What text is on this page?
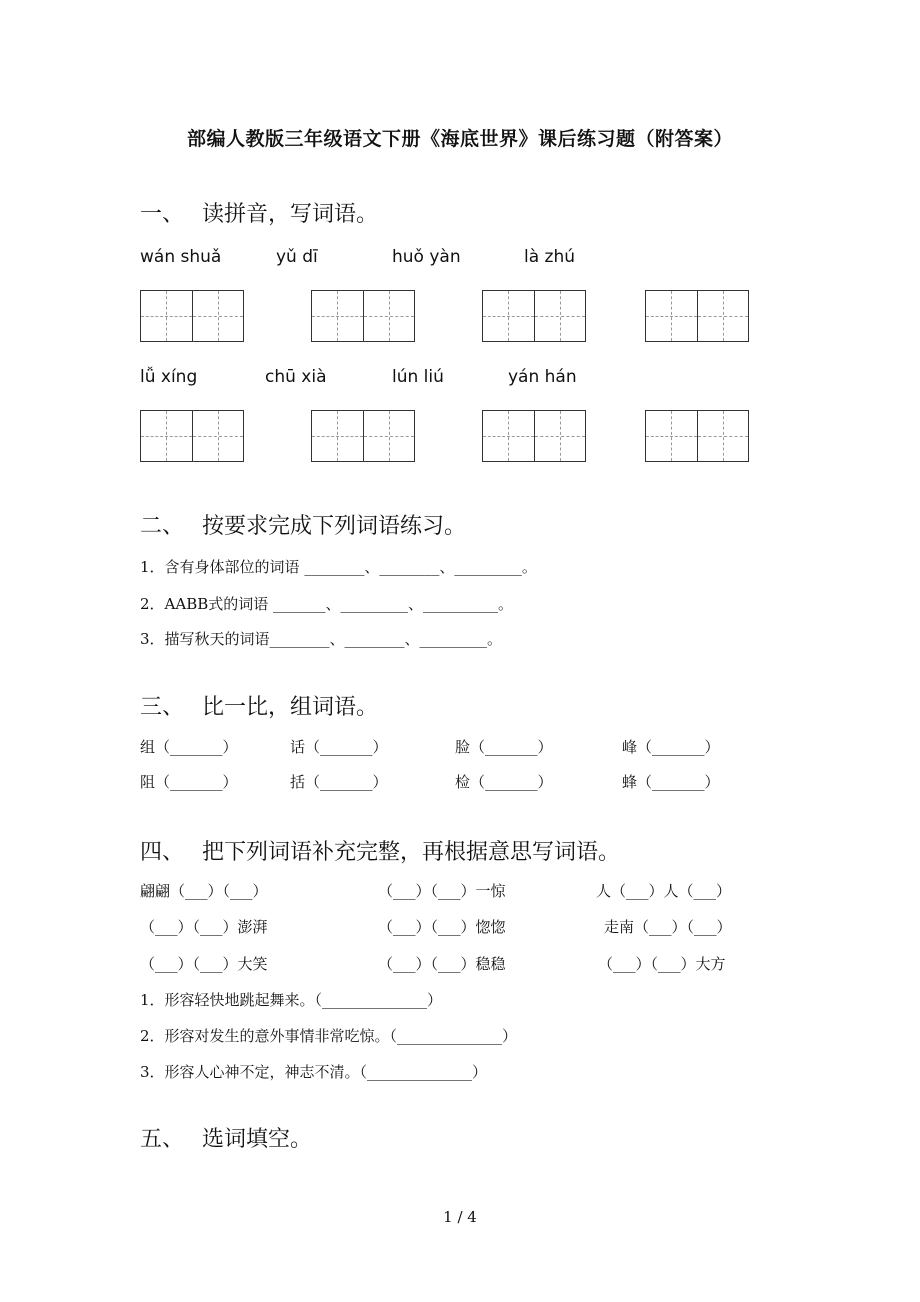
部编人教版三年级语文下册《海底世界》课后练习题（附答案）
一、 读拼音，写词语。
wán shuǎ	yǔ dī	huǒ yàn	là zhú
lǚ xíng	chū xià	lún liú	yán hán
二、 按要求完成下列词语练习。
1．含有身体部位的词语 ________、________、_________。
2．AABB式的词语 _______、_________、__________。
3．描写秋天的词语________、________、_________。
三、 比一比，组词语。
组（_______）	话（_______）	脸（_______）	峰（_______）
阻（_______）	括（_______）	检（_______）	蜂（_______）
四、 把下列词语补充完整，再根据意思写词语。
翩翩（___）（___）	（___）（___）一惊	人（___）人（___）
（___）（___）澎湃	（___）（___）惚惚	走南（___）（___）
（___）（___）大笑	（___）（___）稳稳	（___）（___）大方
1．形容轻快地跳起舞来。（______________）
2．形容对发生的意外事情非常吃惊。（______________）
3．形容人心神不定，神志不清。（______________）
五、 选词填空。
1 / 4
